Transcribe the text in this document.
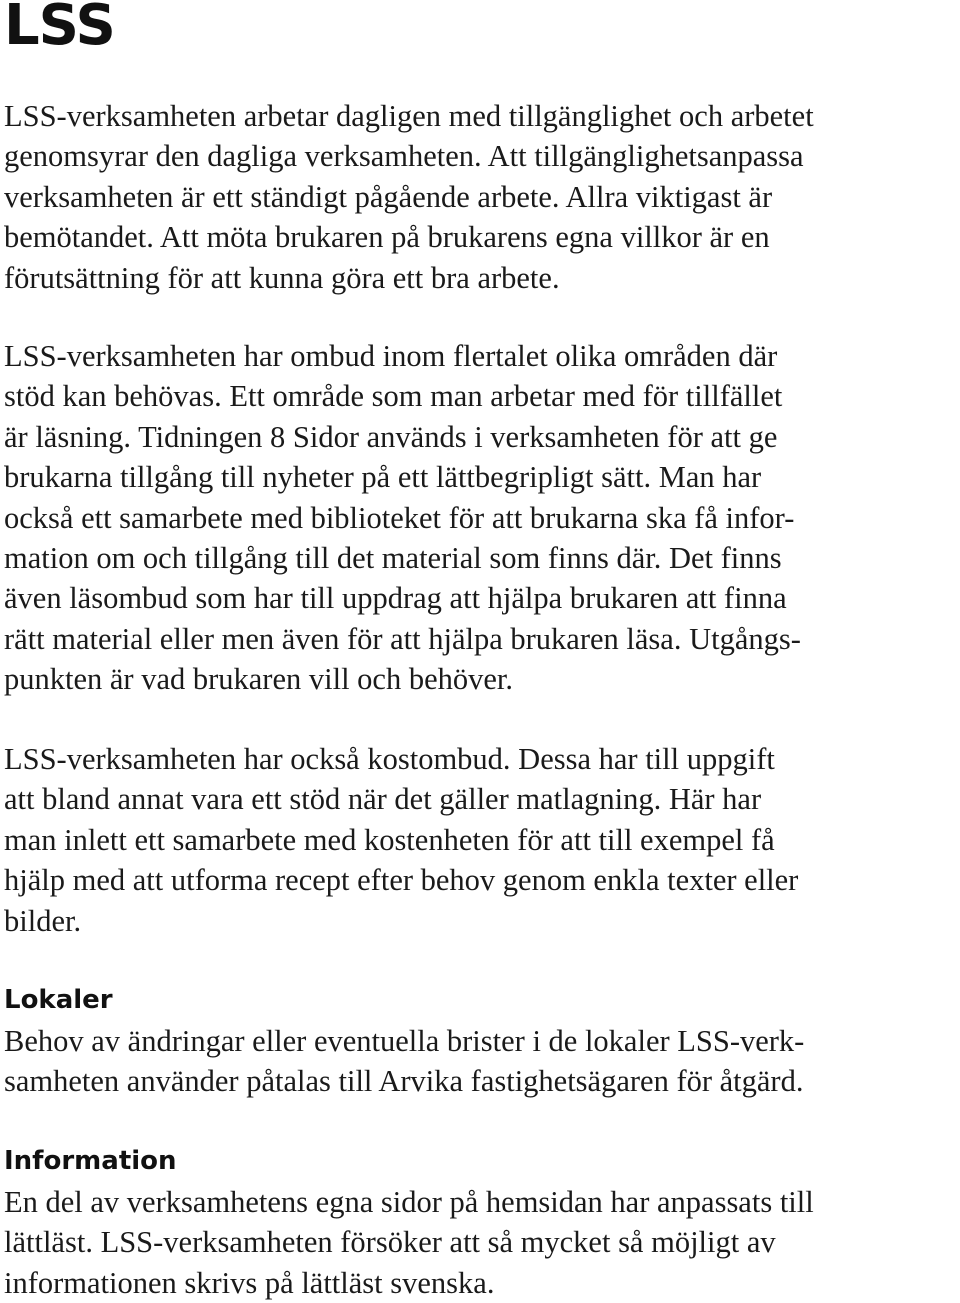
LSS

LSS-verksamheten arbetar dagligen med tillgänglighet och arbetet
genomsyrar den dagliga verksamheten. Att tillgänglighetsanpassa
verksamheten är ett ständigt pågående arbete. Allra viktigast är
bemötandet. Att möta brukaren på brukarens egna villkor är en
förutsättning för att kunna göra ett bra arbete.

LSS-verksamheten har ombud inom flertalet olika områden där
stöd kan behövas. Ett område som man arbetar med för tillfället
är läsning. Tidningen 8 Sidor används i verksamheten för att ge
brukarna tillgång till nyheter på ett lättbegripligt sätt. Man har
också ett samarbete med biblioteket för att brukarna ska få infor-
mation om och tillgång till det material som finns där. Det finns
även läsombud som har till uppdrag att hjälpa brukaren att finna
rätt material eller men även för att hjälpa brukaren läsa. Utgångs-
punkten är vad brukaren vill och behöver.

LSS-verksamheten har också kostombud. Dessa har till uppgift
att bland annat vara ett stöd när det gäller matlagning. Här har
man inlett ett samarbete med kostenheten för att till exempel få
hjälp med att utforma recept efter behov genom enkla texter eller
bilder.

Lokaler

Behov av ändringar eller eventuella brister i de lokaler LSS-verk-
samheten använder påtalas till Arvika fastighetsägaren för åtgärd.

Information

En del av verksamhetens egna sidor på hemsidan har anpassats till
lättläst. LSS-verksamheten försöker att så mycket så möjligt av
informationen skrivs på lättläst svenska.
